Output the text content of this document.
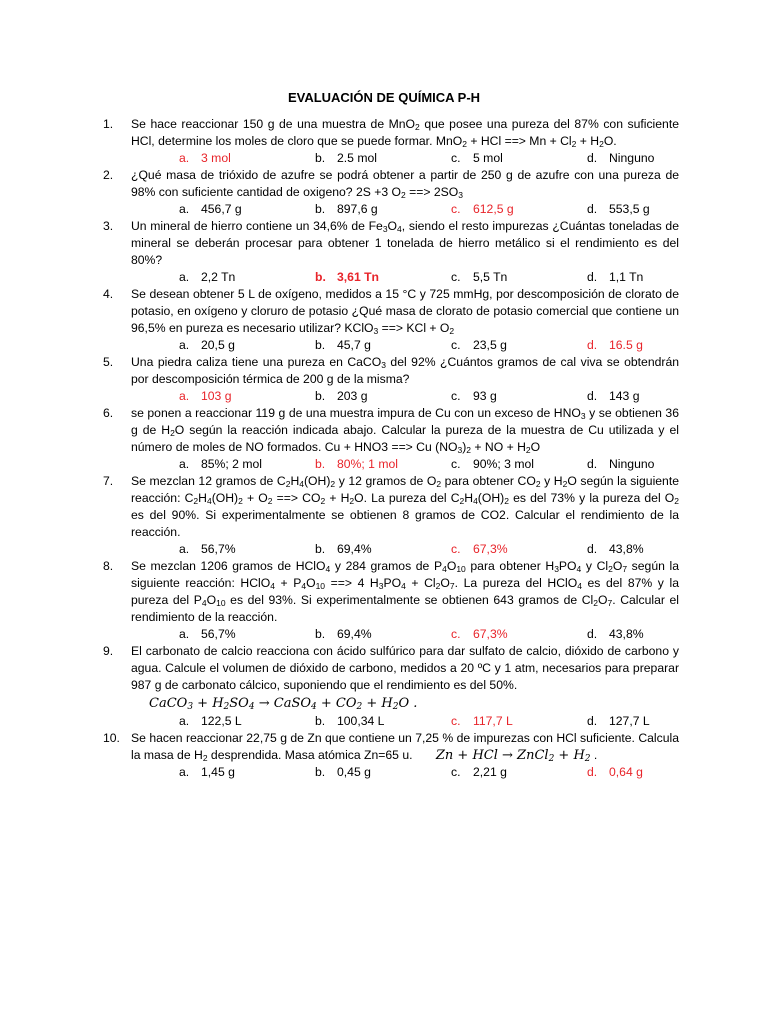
EVALUACIÓN DE QUÍMICA P-H
1. Se hace reaccionar 150 g de una muestra de MnO$_2$ que posee una pureza del 87% con suficiente HCl, determine los moles de cloro que se puede formar. MnO$_2$ + HCl ==> $Mn + Cl_2 + H_2O$.
a. 3 mol	b. 2.5 mol	c. 5 mol	d. Ninguno
2. ¿Qué masa de trióxido de azufre se podrá obtener a partir de 250 g de azufre con una pureza de 98% con suficiente cantidad de oxigeno? 2S +3 $O_2$ ==> $2SO_3$
a. 456,7 g	b. 897,6 g	c. 612,5 g	d. 553,5 g
3. Un mineral de hierro contiene un 34,6% de $Fe_3O_4$, siendo el resto impurezas ¿Cuántas toneladas de mineral se deberán procesar para obtener 1 tonelada de hierro metálico si el rendimiento es del 80%?
a. 2,2 Tn	b. 3,61 Tn	c. 5,5 Tn	d. 1,1 Tn
4. Se desean obtener 5 L de oxígeno, medidos a 15 °C y 725 mmHg, por descomposición de clorato de potasio, en oxígeno y cloruro de potasio ¿Qué masa de clorato de potasio comercial que contiene un 96,5% en pureza es necesario utilizar? KClO$_3$ ==> KCl + $O_2$
a. 20,5 g	b. 45,7 g	c. 23,5 g	d. 16.5 g
5. Una piedra caliza tiene una pureza en CaCO$_3$ del 92% ¿Cuántos gramos de cal viva se obtendrán por descomposición térmica de 200 g de la misma?
a. 103 g	b. 203 g	c. 93 g	d. 143 g
6. se ponen a reaccionar 119 g de una muestra impura de Cu con un exceso de $HNO_3$ y se obtienen 36 g de $H_2O$ según la reacción indicada abajo. Calcular la pureza de la muestra de Cu utilizada y el número de moles de NO formados. Cu + HNO3 ==> Cu $(NO_3)_2$ + NO + $H_2O$
a. 85%; 2 mol	b. 80%; 1 mol	c. 90%; 3 mol	d. Ninguno
7. Se mezclan 12 gramos de $C_2H_4(OH)_2$ y 12 gramos de $O_2$ para obtener $CO_2$ y $H_2O$ según la siguiente reacción: $C_2H_4(OH)_2 + O_2$ ==> $CO_2 + H_2O$. La pureza del $C_2H_4(OH)_2$ es del 73% y la pureza del $O_2$ es del 90%. Si experimentalmente se obtienen 8 gramos de CO2. Calcular el rendimiento de la reacción.
a. 56,7%	b. 69,4%	c. 67,3%	d. 43,8%
8. Se mezclan 1206 gramos de HClO$_4$ y 284 gramos de $P_4O_{10}$ para obtener $H_3PO_4$ y $Cl_2O_7$ según la siguiente reacción: HClO$_4$ + $P_4O_{10}$ ==> 4 $H_3PO_4 + Cl_2O_7$. La pureza del HClO$_4$ es del 87% y la pureza del $P_4O_{10}$ es del 93%. Si experimentalmente se obtienen 643 gramos de $Cl_2O_7$. Calcular el rendimiento de la reacción.
a. 56,7%	b. 69,4%	c. 67,3%	d. 43,8%
9. El carbonato de calcio reacciona con ácido sulfúrico para dar sulfato de calcio, dióxido de carbono y agua. Calcule el volumen de dióxido de carbono, medidos a 20 ºC y 1 atm, necesarios para preparar 987 g de carbonato cálcico, suponiendo que el rendimiento es del 50%.
CaCO$_3$ + $H_2SO_4$ → CaSO$_4$ + $CO_2 + H_2O$ .
a. 122,5 L	b. 100,34 L	c. 117,7 L	d. 127,7 L
10. Se hacen reaccionar 22,75 g de Zn que contiene un 7,25 % de impurezas con HCl suficiente. Calcula la masa de $H_2$ desprendida. Masa atómica Zn=65 u. Zn + HCl → ZnCl$_2$ + $H_2$ .
a. 1,45 g	b. 0,45 g	c. 2,21 g	d. 0,64 g
